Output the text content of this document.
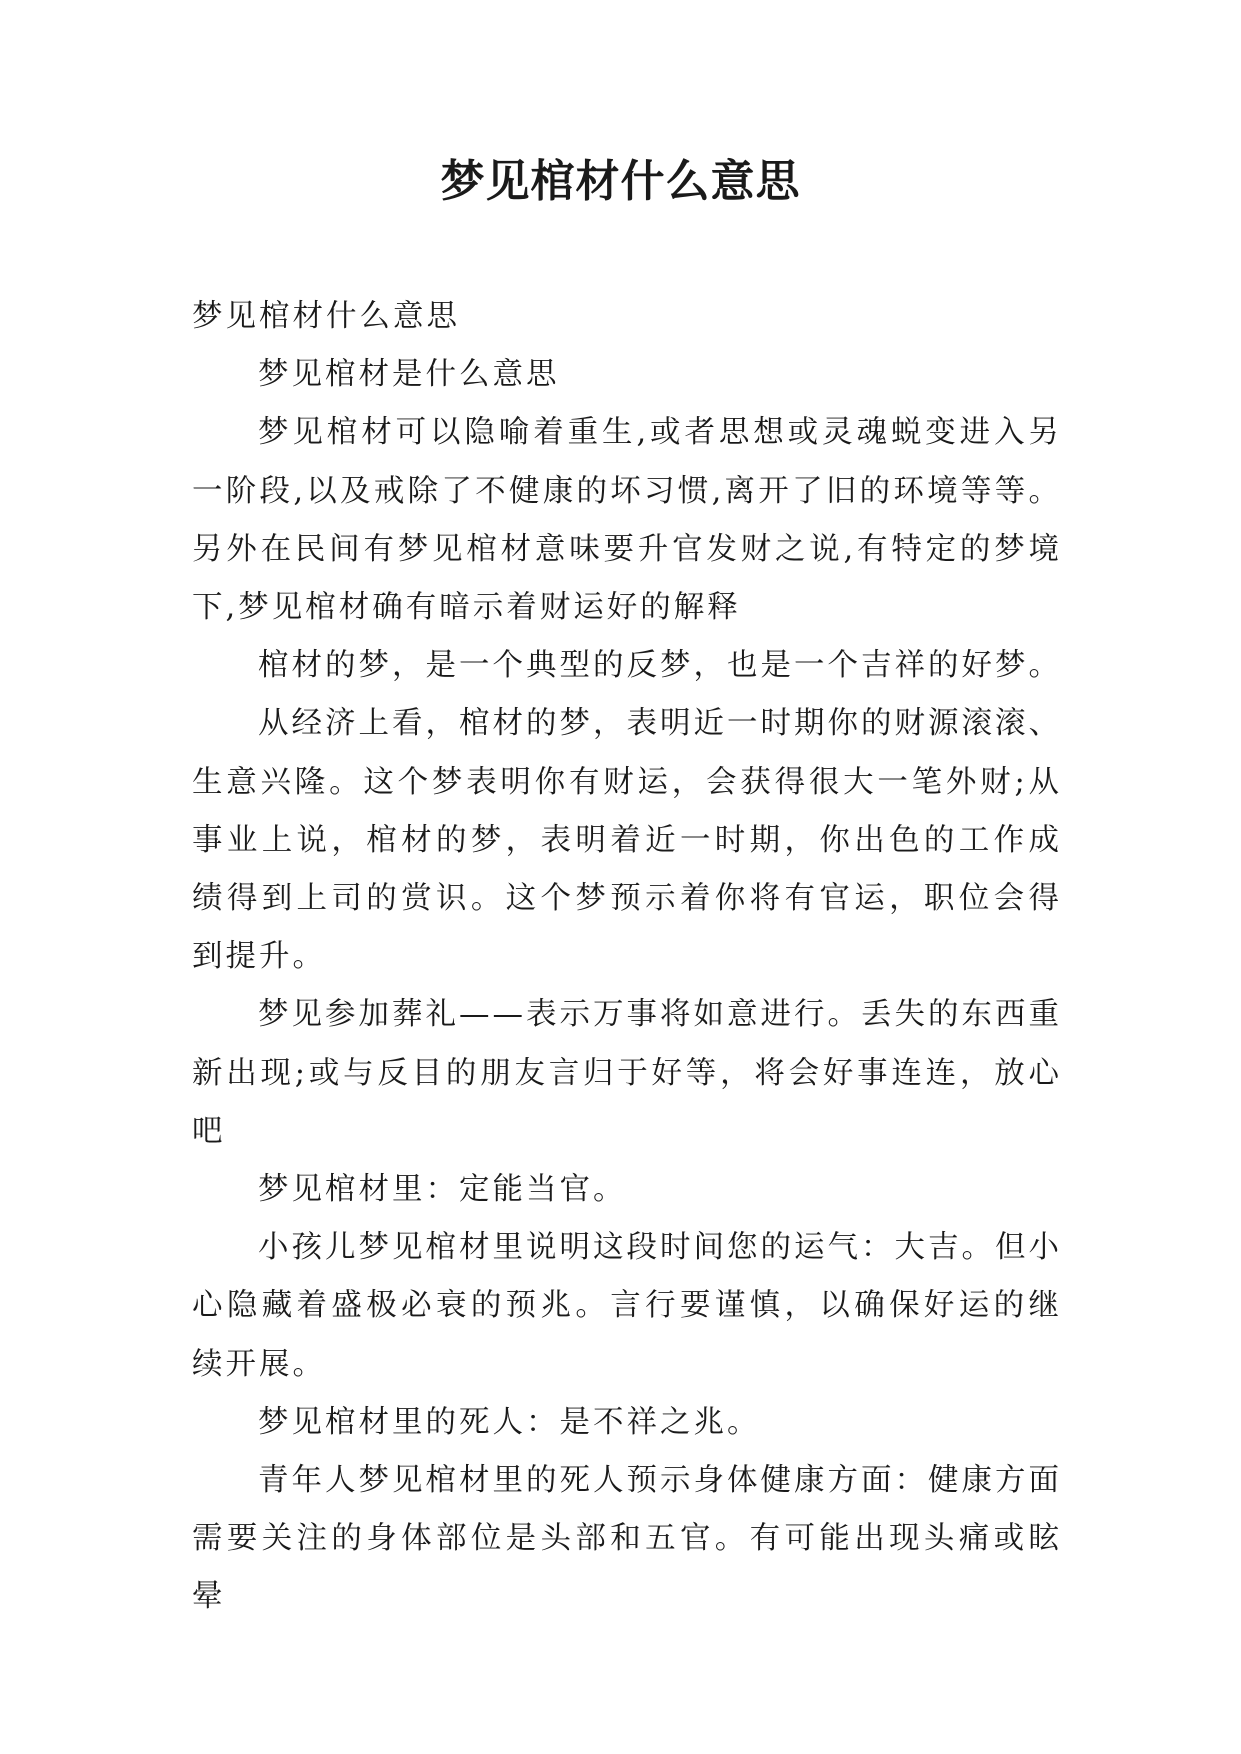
梦见棺材什么意思

梦见棺材什么意思

梦见棺材是什么意思

梦见棺材可以隐喻着重生,或者思想或灵魂蜕变进入另一阶段,以及戒除了不健康的坏习惯,离开了旧的环境等等。另外在民间有梦见棺材意味要升官发财之说,有特定的梦境下,梦见棺材确有暗示着财运好的解释

棺材的梦，是一个典型的反梦，也是一个吉祥的好梦。

从经济上看，棺材的梦，表明近一时期你的财源滚滚、生意兴隆。这个梦表明你有财运，会获得很大一笔外财;从事业上说，棺材的梦，表明着近一时期，你出色的工作成绩得到上司的赏识。这个梦预示着你将有官运，职位会得到提升。

梦见参加葬礼——表示万事将如意进行。丢失的东西重新出现;或与反目的朋友言归于好等，将会好事连连，放心吧

梦见棺材里：定能当官。

小孩儿梦见棺材里说明这段时间您的运气：大吉。但小心隐藏着盛极必衰的预兆。言行要谨慎，以确保好运的继续开展。

梦见棺材里的死人：是不祥之兆。

青年人梦见棺材里的死人预示身体健康方面：健康方面需要关注的身体部位是头部和五官。有可能出现头痛或眩晕
